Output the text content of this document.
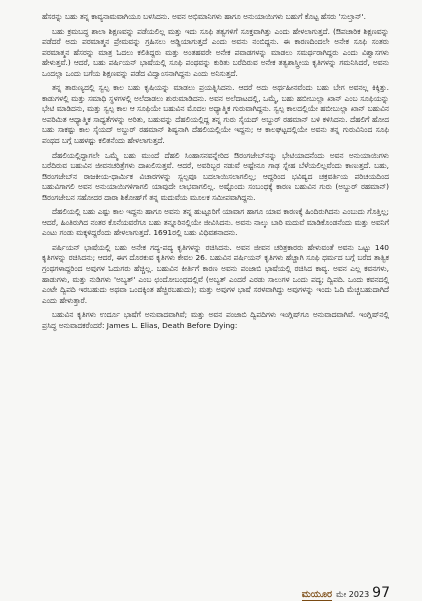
ಹೆಸರನ್ನು ಬಹು ತನ್ನ ಕಾವ್ಯನಾಮವಾಗಿಯೂ ಬಳಸಿದನು. ಅವನ ಅಭಿಮಾನಿಗಳು ಹಾಗೂ ಅನುಯಾಯಿಗಳು ಬಹುಗೆ ಕೊಟ್ಟ ಹೆಸರು 'ಸುಲ್ತಾನ್'.

ಬಹು ಕ್ರಮಬದ್ಧ ಶಾಲಾ ಶಿಕ್ಷಣವನ್ನು ಪಡೆಯಲಿಲ್ಲ ಮತ್ತು ಇದು ಸೂಫಿ ತತ್ವಗಳಿಗೆ ಸೂಕ್ತವಾಗಿತ್ತು ಎಂದು ಹೇಳಲಾಗುತ್ತದೆ. (ಔಪಚಾರಿಕ ಶಿಕ್ಷಣವನ್ನು ಪಡೆದರೆ ಅದು ಪರಮಾತ್ಮನ ಪ್ರೇಮವನ್ನು ಗ್ರಹಿಸಲು ಅಡ್ಡಿಯಾಗುತ್ತದೆ ಎಂದು ಅವನು ನಂಬಿದ್ದನು. ಈ ಕಾರಣದಿಂದಲೇ ಅನೇಕ ಸೂಫಿ ಸಂತರು ಪರಮಾತ್ಮನ ಹೆಸರನ್ನು ಮಾತ್ರ ಓದಲು ಕಲಿತಿದ್ದರು ಮತ್ತು ಅಂತಹವರೇ ಅನೇಕ ಪವಾಡಗಳನ್ನು ಮಾಡಲು ಸಮರ್ಥರಾಗಿದ್ದರು ಎಂದು ವಿಶ್ವಾಸಗಳು ಹೇಳುತ್ತವೆ.) ಆದರೆ, ಬಹು ಪರ್ಷಿಯನ್ ಭಾಷೆಯಲ್ಲಿ ಸೂಫಿ ಪಂಥವನ್ನು ಕುರಿತು ಬರೆದಿರುವ ಅನೇಕ ತತ್ವಶಾಸ್ತ್ರೀಯ ಕೃತಿಗಳನ್ನು ಗಮನಿಸಿದರೆ, ಅವನು ಒಂದಲ್ಲಾ ಒಂದು ಬಗೆಯ ಶಿಕ್ಷಣವನ್ನು ಪಡೆದ ವಿದ್ವಾಂಸನಾಗಿದ್ದನು ಎಂದು ಅನಿಸುತ್ತದೆ.

ತನ್ನ ತಾರುಣ್ಯದಲ್ಲಿ ಸ್ವಲ್ಪ ಕಾಲ ಬಹು ಕೃಷಿಯನ್ನು ಮಾಡಲು ಪ್ರಯತ್ನಿಸಿದನು. ಆದರೆ ಅದು ಅರ್ಥಹೀನವೆಂದು ಬಹು ಬೇಗ ಅವನಲ್ಲ ಕಿಕ್ಕಿತ್ತು. ಕಾಡುಗಳಲ್ಲಿ ಮತ್ತು ಸಮಾಧಿ ಸ್ಥಳಗಳಲ್ಲಿ ಅಲೆದಾಡಲು ಶುರುಮಾಡಿದನು. ಅವನ ಅಲೆದಾಟದಲ್ಲಿ, ಒಮ್ಮೆ, ಬಹು ಹಬೀಬುಲ್ಲಾ ಖಾನ್ ಎಂಬ ಸೂಫಿಯನ್ನು ಭೇಟಿ ಮಾಡಿದನು, ಮತ್ತು ಸ್ವಲ್ಪ ಕಾಲ ಆ ಸೂಫಿಯೇ ಬಹುವಿನ ಮೊದಲ ಅಧ್ಯಾತ್ಮಿಕ ಗುರುವಾಗಿದ್ದನು. ಸ್ವಲ್ಪ ಕಾಲದಲ್ಲಿಯೇ ಹಬೀಬುಲ್ಲಾ ಖಾನ್ ಬಹುವಿನ ಅಪರಿಮಿತ ಆಧ್ಯಾತ್ಮಿಕ ಸಾಧ್ಯತೆಗಳನ್ನು ಅರಿತು, ಬಹುವನ್ನು ದೆಹಲಿಯಲ್ಲಿದ್ದ ತನ್ನ ಗುರು ಸೈಯದ್ ಅಬ್ದುರ್ ರಹಮಾನ್ ಬಳಿ ಕಳಿಸಿದನು. ದೆಹಲಿಗೆ ಹೋದ ಬಹು ಸಾಕಷ್ಟು ಕಾಲ ಸೈಯದ್ ಅಬ್ದುರ್ ರಹಮಾನ್ ಶಿಷ್ಯನಾಗಿ ದೆಹಲಿಯಲ್ಲಿಯೇ ಇದ್ದನು; ಆ ಕಾಲಘಟ್ಟದಲ್ಲಿಯೇ ಅವನು ತನ್ನ ಗುರುವಿನಿಂದ ಸೂಫಿ ಪಂಥದ ಬಗ್ಗೆ ಬಹಳಷ್ಟು ಕಲಿತನೆಂದು ಹೇಳಲಾಗುತ್ತದೆ.

ದೆಹಲಿಯಲ್ಲಿದ್ದಾಗಲೇ ಒಮ್ಮೆ ಬಹು ಮುಂದೆ ದೆಹಲಿ ಸಿಂಹಾಸನವನ್ನೇರಿದ ಔರಂಗಜೇಬ್‌ನನ್ನು ಭೇಟಿಯಾದನೆಂದು ಅವನ ಅನುಯಾಯಿಗಳು ಬರೆದಿರುವ ಬಹುವಿನ ಜೀವನಚರಿತ್ರೆಗಳು ದಾಖಲಿಸುತ್ತವೆ. ಆದರೆ, ಅವರಿಬ್ಬರ ನಡುವೆ ಅಷ್ಟೇನೂ ಗಾಢ ಸ್ನೇಹ ಬೆಳೆಯಲಿಲ್ಲವೆಂದು ಕಾಣುತ್ತದೆ. ಬಹು, ಔರಂಗಜೇಬ್‌ನ ರಾಜಕೀಯ-ಧಾರ್ಮಿಕ ವಿಚಾರಗಳನ್ನು ಸ್ವಲ್ಪವೂ ಬದಲಾಯಿಸಲಾಗಲಿಲ್ಲ; ಆದ್ದರಿಂದ ಭವಿಷ್ಯದ ಚಕ್ರವರ್ತಿಯ ಪರಿಚಯದಿಂದ ಬಹುವಿಗಾಗಲಿ ಅವನ ಅನುಯಾಯಿಗಳಿಗಾಗಲಿ ಯಾವುದೇ ಲಾಭವಾಗಲಿಲ್ಲ. ಅಷ್ಟೊಂದು ಸಂಬಂಧಕ್ಕೆ ಕಾರಣ ಬಹುವಿನ ಗುರು (ಅಬ್ದುರ್ ರಹಮಾನ್) ಔರಂಗಜೇಬನ ಸಹೋದರ ದಾರಾ ಶಿಕೋಹ್‌ಗೆ ತನ್ನ ಮದುವೆಯ ಮೂಲಕ ಸಮೀಪವಾಗಿದ್ದನು.

ದೆಹಲಿಯಲ್ಲಿ ಬಹು ಎಷ್ಟು ಕಾಲ ಇದ್ದನು ಹಾಗೂ ಅವನು ತನ್ನ ಹುಟ್ಟೂರಿಗೆ ಯಾವಾಗ ಹಾಗೂ ಯಾವ ಕಾರಣಕ್ಕೆ ಹಿಂದಿರುಗಿದನು ಎಂಬುದು ಗೊತ್ತಿಲ್ಲ; ಆದರೆ, ಹಿಂತಿರುಗಿದ ನಂತರ ಕೊನೆಯವರೆಗೂ ಬಹು ತನ್ನೂರಿನಲ್ಲಿಯೇ ಜೀವಿಸಿದನು. ಅವನು ನಾಲ್ಕು ಬಾರಿ ಮದುವೆ ಮಾಡಿಕೊಂಡನೆಂದು ಮತ್ತು ಅವನಿಗೆ ಎಂಟು ಗಂಡು ಮಕ್ಕಳಿದ್ದರೆಂದು ಹೇಳಲಾಗುತ್ತದೆ. 1691ರಲ್ಲಿ ಬಹು ವಿಧಿವಶನಾದನು.

ಪರ್ಷಿಯನ್ ಭಾಷೆಯಲ್ಲಿ ಬಹು ಅನೇಕ ಗದ್ಯ-ಪದ್ಯ ಕೃತಿಗಳನ್ನು ರಚಿಸಿದನು. ಅವನ ಜೀವನ ಚರಿತ್ರಕಾರರು ಹೇಳುವಂತೆ ಅವನು ಒಟ್ಟು 140 ಕೃತಿಗಳನ್ನು ರಚಿಸಿದನು; ಆದರೆ, ಈಗ ದೊರಕುವ ಕೃತಿಗಳು ಕೇವಲ 26. ಬಹುವಿನ ಪರ್ಷಿಯನ್ ಕೃತಿಗಳು ಹೆಚ್ಚಾಗಿ ಸೂಫಿ ಧರ್ಮದ ಬಗ್ಗೆ ಬರೆದ ತಾತ್ವಿಕ ಗ್ರಂಥಗಳಾದ್ದರಿಂದ ಅವುಗಳ ಓದುಗರು ಹೆಚ್ಚಿಲ್ಲ. ಬಹುವಿನ ಕೀರ್ತಿಗೆ ಕಾರಣ ಅವನು ಪಂಜಾಬಿ ಭಾಷೆಯಲ್ಲಿ ರಚಿಸಿದ ಕಾವ್ಯ. ಅವನ ಎಲ್ಲ ಕವನಗಳು, ಹಾಡುಗಳು, ಮತ್ತು ನುಡಿಗಳು 'ಅಬ್ಯತ್' ಎಂಬ ಛಂದೋಬಂಧದಲ್ಲಿವೆ (ಅಬ್ಯತ್ ಎಂದರೆ ಎರಡು ಸಾಲುಗಳ ಒಂದು ಪದ್ಯ; ದ್ವಿಪದಿ. ಒಂದು ಕವನದಲ್ಲಿ ಎಂಟೇ ದ್ವಿಪದಿ ಇರಬಹುದು ಅಥವಾ ಒಂದಕ್ಕಿಂತ ಹೆಚ್ಚಿರಬಹುದು); ಮತ್ತು ಅವುಗಳ ಭಾಷೆ ಸರಳವಾಗಿದ್ದು ಅವುಗಳನ್ನು ಇಂದು ಓದಿ ಮೆಚ್ಚಬಹುದಾಗಿದೆ ಎಂದು ಹೇಳುತ್ತಾರೆ.

ಬಹುವಿನ ಕೃತಿಗಳು ಉರ್ದೂ ಭಾಷೆಗೆ ಅನುವಾದವಾಗಿವೆ; ಮತ್ತು ಅವನ ಪಂಜಾಬಿ ದ್ವಿಪದಿಗಳು ಇಂಗ್ಲಿಷ್‌ಗೂ ಅನುವಾದವಾಗಿವೆ. ಇಂಗ್ಲಿಷ್‌ನಲ್ಲಿ ಪ್ರಸಿದ್ಧ ಅನುವಾದಕರೆಂದರೆ: James L. Elias, Death Before Dying:

ಮಯೂರ ಮೇ 2023 97
